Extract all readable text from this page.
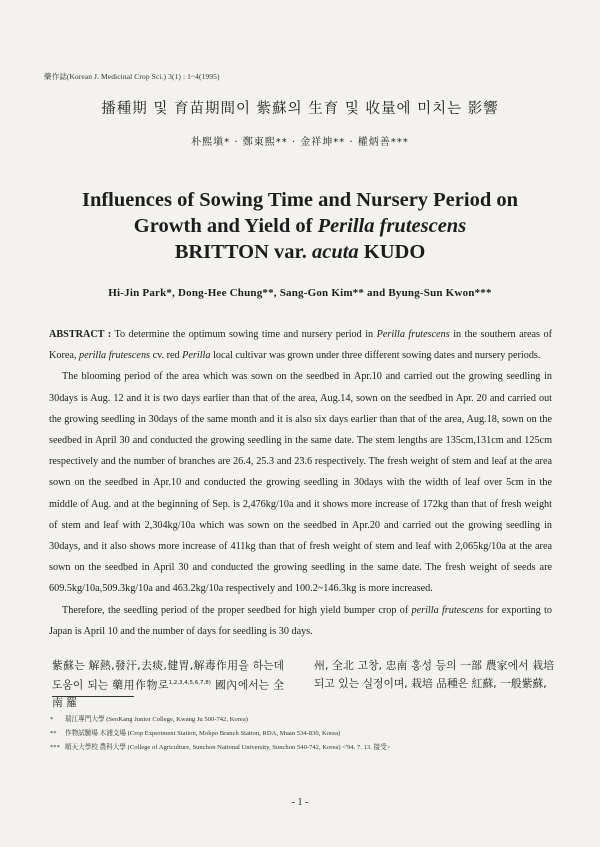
藥作誌(Korean J. Medicinal Crop Sci.) 3(1) : 1~4(1995)
播種期 및 育苗期間이 紫蘇의 生育 및 收量에 미치는 影響
朴熙塡* · 鄭東熙** · 金祥坤** · 權炳善***
Influences of Sowing Time and Nursery Period on
Growth and Yield of Perilla frutescens
BRITTON var. acuta KUDO
Hi-Jin Park*, Dong-Hee Chung**, Sang-Gon Kim** and Byung-Sun Kwon***

ABSTRACT : To determine the optimum sowing time and nursery period in Perilla frutescens in the southern areas of Korea, perilla frutescens cv. red Perilla local cultivar was grown under three different sowing dates and nursery periods.

The blooming period of the area which was sown on the seedbed in Apr.10 and carried out the growing seedling in 30days is Aug. 12 and it is two days earlier than that of the area, Aug.14, sown on the seedbed in Apr. 20 and carried out the growing seedling in 30days of the same month and it is also six days earlier than that of the area, Aug.18, sown on the seedbed in April 30 and conducted the growing seedling in the same date. The stem lengths are 135cm,131cm and 125cm respectively and the number of branches are 26.4, 25.3 and 23.6 respectively. The fresh weight of stem and leaf at the area sown on the seedbed in Apr.10 and conducted the growing seedling in 30days with the width of leaf over 5cm in the middle of Aug. and at the beginning of Sep. is 2,476kg/10a and it shows more increase of 172kg than that of fresh weight of stem and leaf with 2,304kg/10a which was sown on the seedbed in Apr.20 and carried out the growing seedling in 30days, and it also shows more increase of 411kg than that of fresh weight of stem and leaf with 2,065kg/10a at the area sown on the seedbed in April 30 and conducted the growing seedling in the same date. The fresh weight of seeds are 609.5kg/10a,509.3kg/10a and 463.2kg/10a respectively and 100.2~146.3kg is more increased.

Therefore, the seedling period of the proper seedbed for high yield bumper crop of perilla frutescens for exporting to Japan is April 10 and the number of days for seedling is 30 days.

紫蘇는 解熱,發汗,去痰,健胃,解毒作用을 하는데 도움이 되는 藥用作物로$^{1,2,3,4,5,6,7,8)}$ 國內에서는 全南 羅

州, 全北 고창, 忠南 홍성 등의 一部 農家에서 栽培되고 있는 실정이며, 栽培 品種은 紅蘇, 一般紫蘇,

* 瑞江專門大學 (SeoKang Junior College, Kwang Ju 500-742, Korea)
** 作物試驗場 木浦支場 (Crop Experiment Station, Mokpo Branch Station, RDA, Muan 534-830, Korea)
*** 順天大學校 農科大學 (College of Agriculture, Sunchon National University, Sunchon 540-742, Korea) <'94. 7. 13. 接受>
- 1 -
